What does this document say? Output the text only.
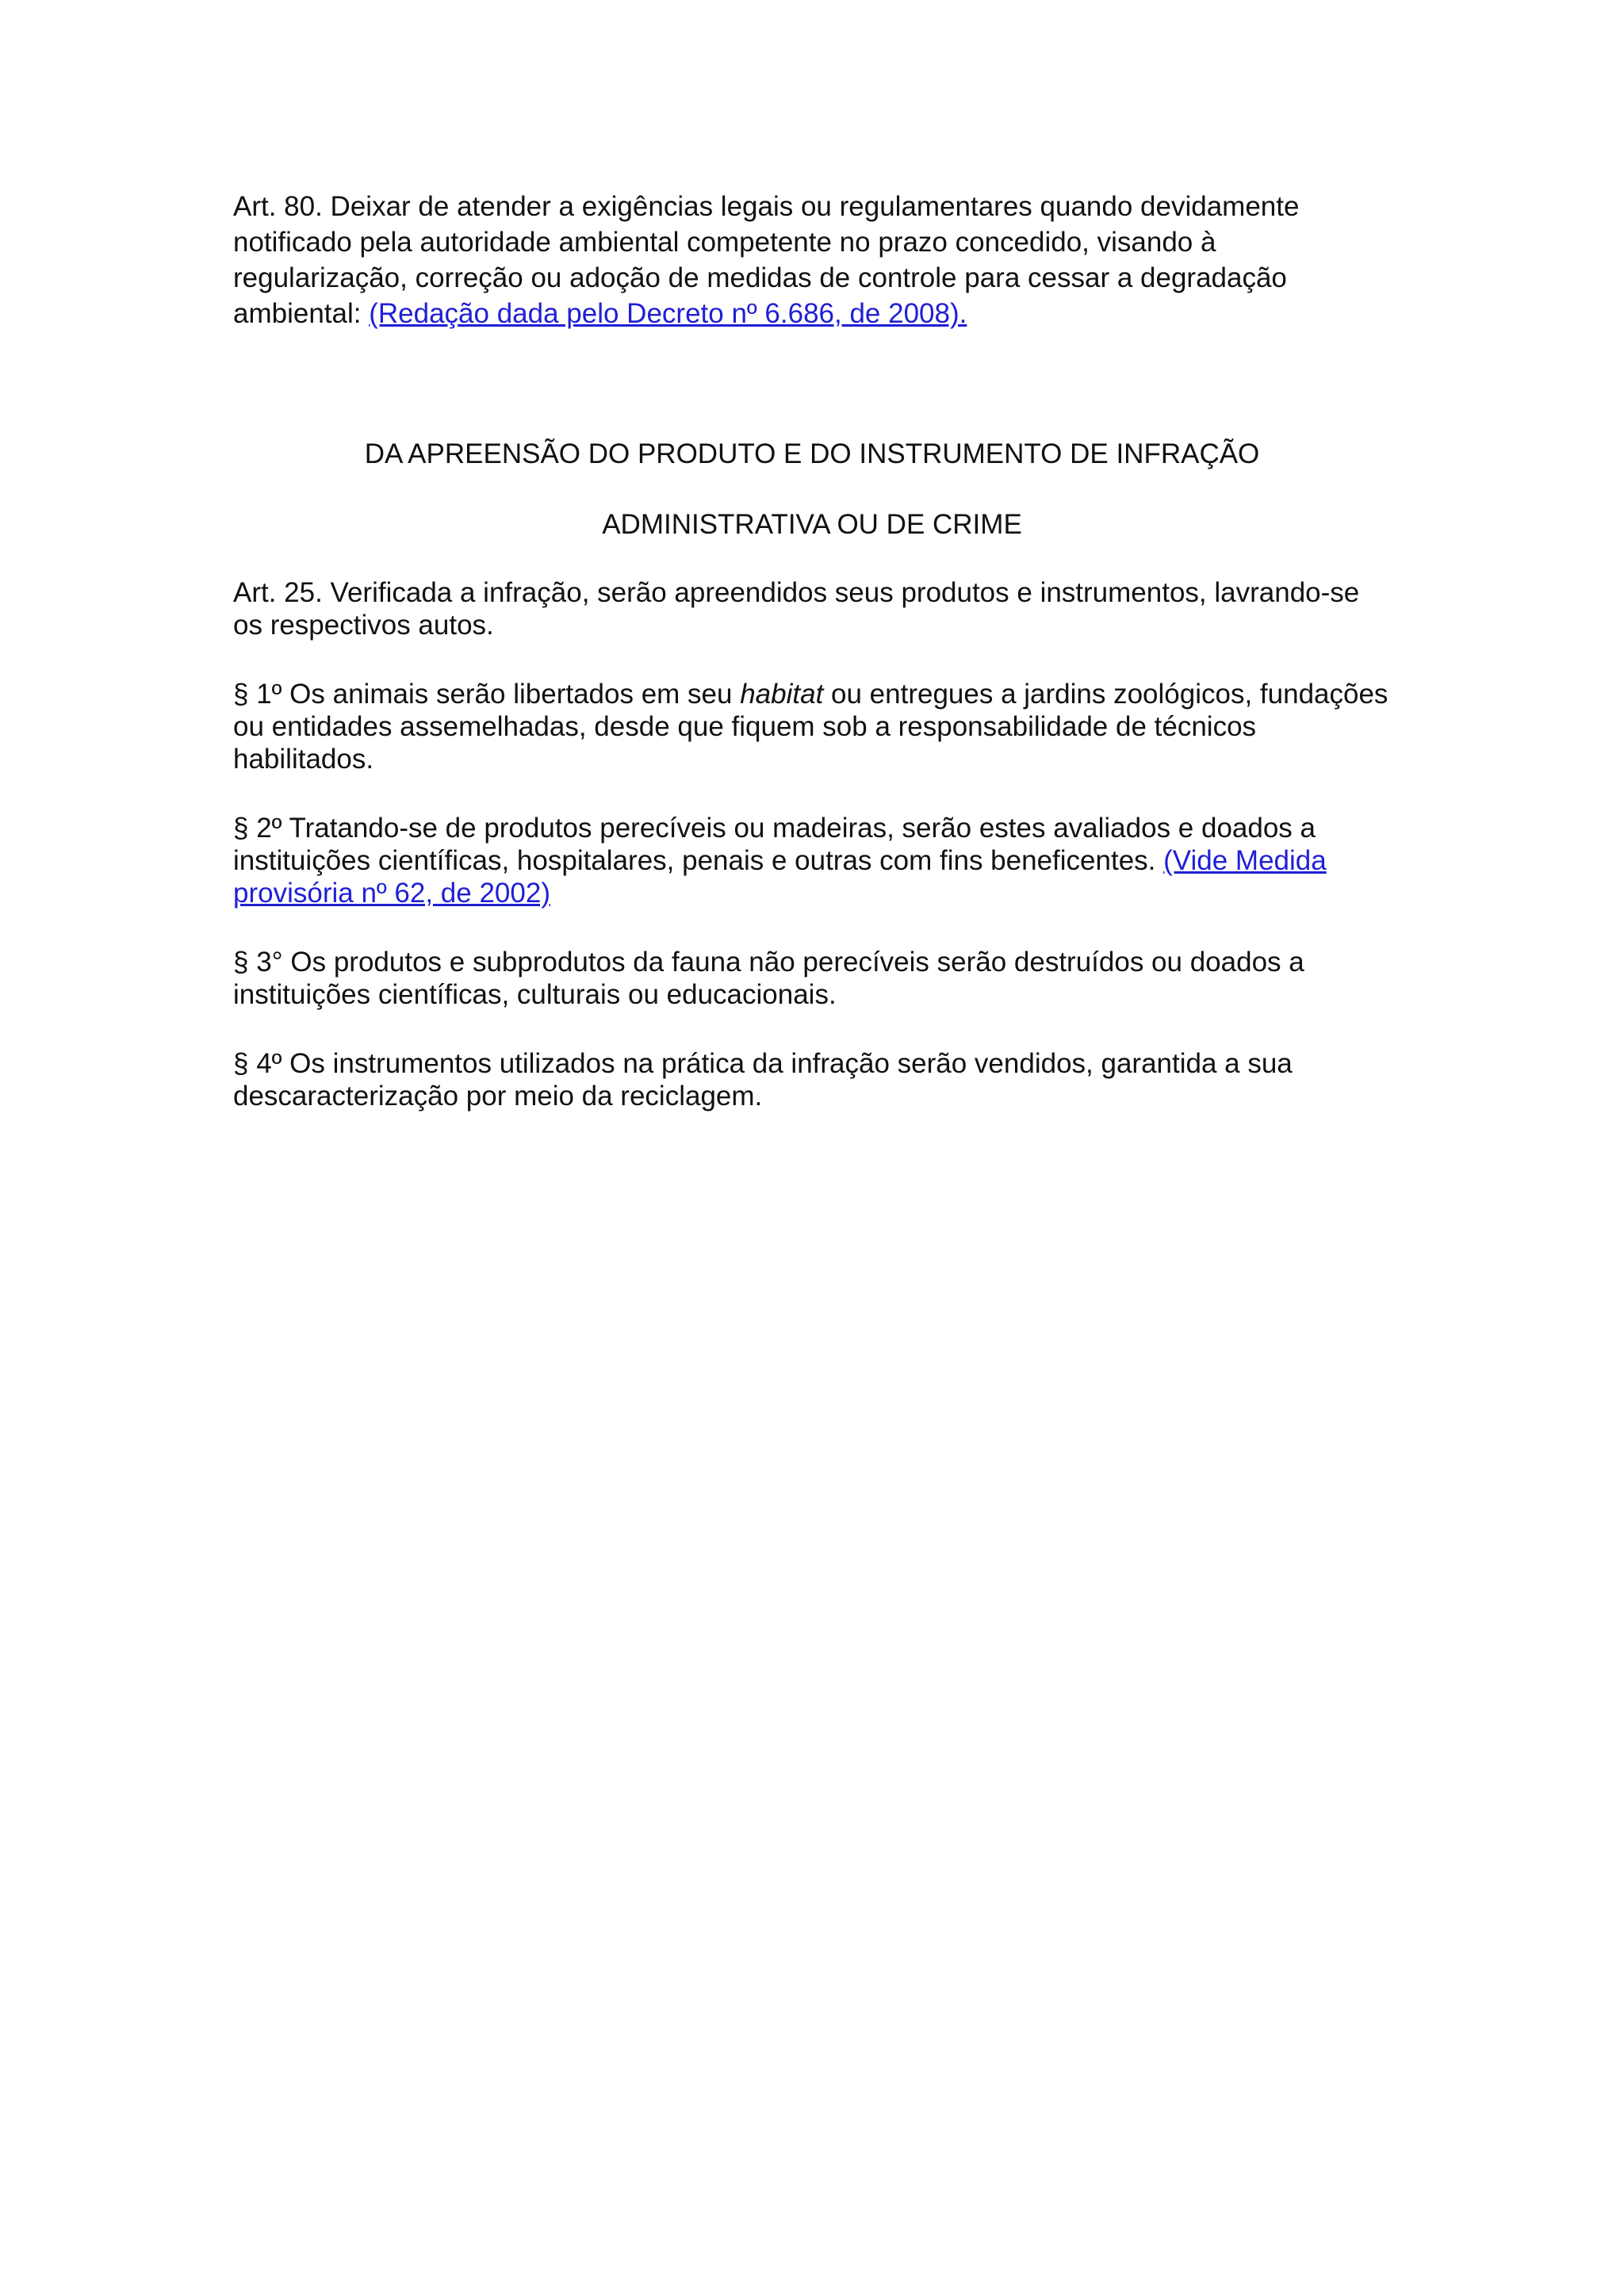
Art. 80. Deixar de atender a exigências legais ou regulamentares quando devidamente notificado pela autoridade ambiental competente no prazo concedido, visando à regularização, correção ou adoção de medidas de controle para cessar a degradação ambiental: (Redação dada pelo Decreto nº 6.686, de 2008).

DA APREENSÃO DO PRODUTO E DO INSTRUMENTO DE INFRAÇÃO

ADMINISTRATIVA OU DE CRIME

Art. 25. Verificada a infração, serão apreendidos seus produtos e instrumentos, lavrando-se os respectivos autos.

§ 1º Os animais serão libertados em seu habitat ou entregues a jardins zoológicos, fundações ou entidades assemelhadas, desde que fiquem sob a responsabilidade de técnicos habilitados.

§ 2º Tratando-se de produtos perecíveis ou madeiras, serão estes avaliados e doados a instituições científicas, hospitalares, penais e outras com fins beneficentes. (Vide Medida provisória nº 62, de 2002)

§ 3° Os produtos e subprodutos da fauna não perecíveis serão destruídos ou doados a instituições científicas, culturais ou educacionais.

§ 4º Os instrumentos utilizados na prática da infração serão vendidos, garantida a sua descaracterização por meio da reciclagem.
